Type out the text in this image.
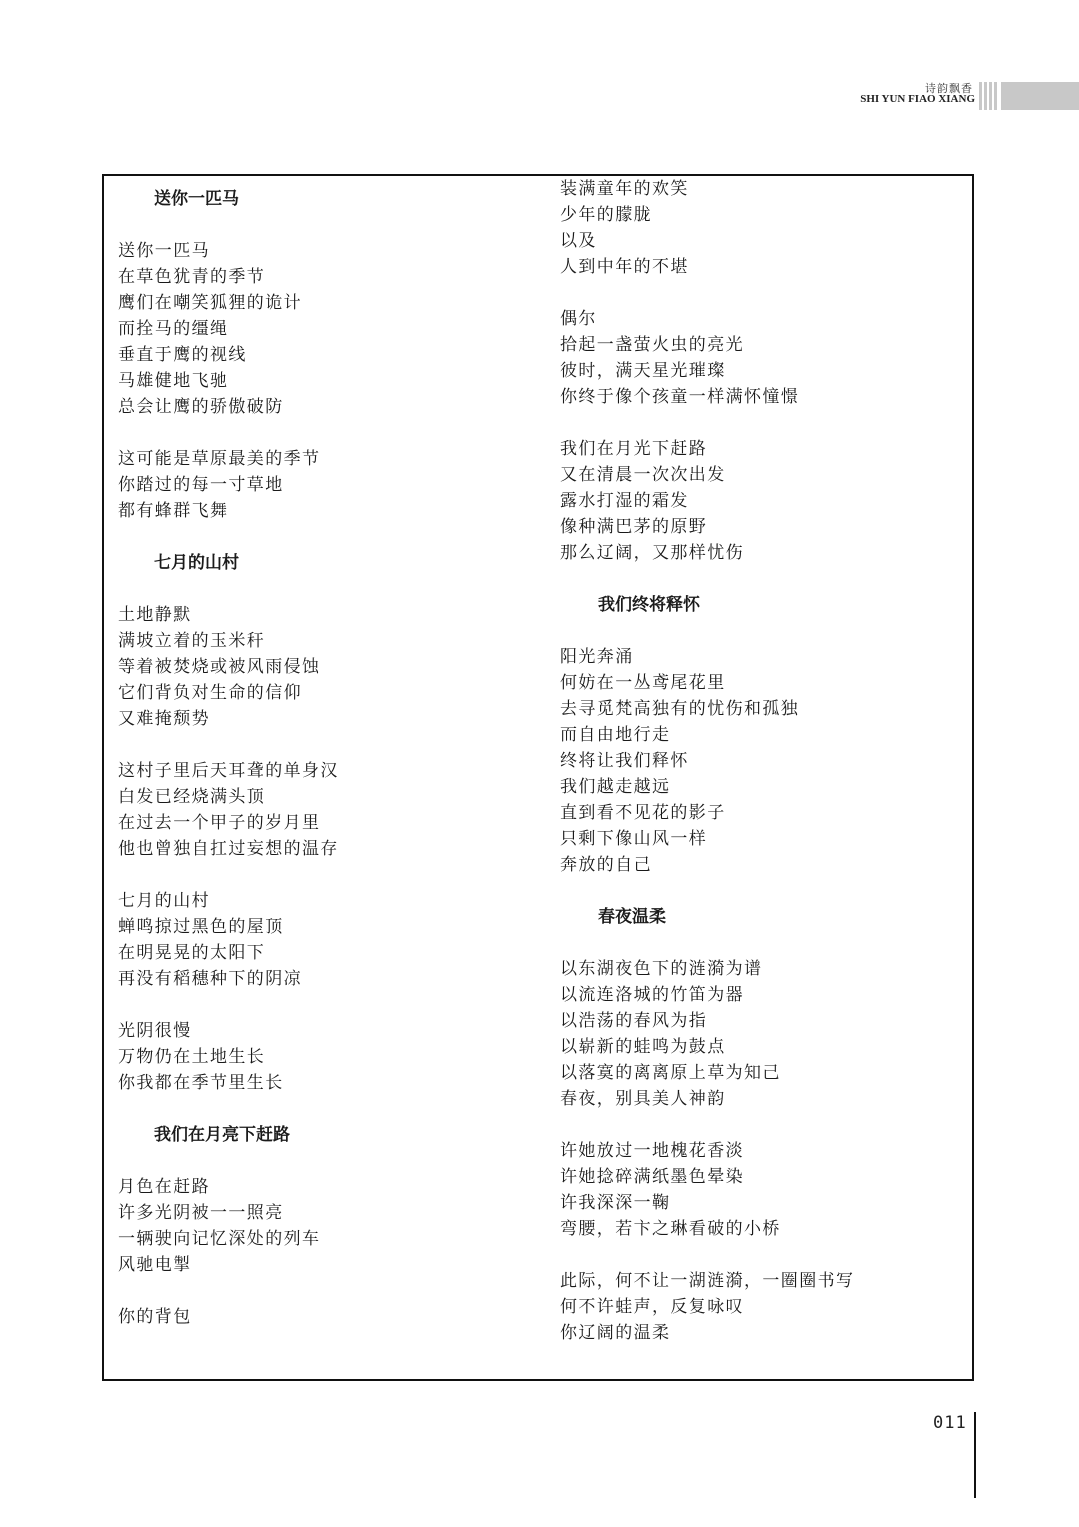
诗韵飘香
SHI YUN FIAO XIANG
送你一匹马
送你一匹马
在草色犹青的季节
鹰们在嘲笑狐狸的诡计
而拴马的缰绳
垂直于鹰的视线
马雄健地飞驰
总会让鹰的骄傲破防
这可能是草原最美的季节
你踏过的每一寸草地
都有蜂群飞舞
七月的山村
土地静默
满坡立着的玉米秆
等着被焚烧或被风雨侵蚀
它们背负对生命的信仰
又难掩颓势
这村子里后天耳聋的单身汉
白发已经烧满头顶
在过去一个甲子的岁月里
他也曾独自扛过妄想的温存
七月的山村
蝉鸣掠过黑色的屋顶
在明晃晃的太阳下
再没有稻穗种下的阴凉
光阴很慢
万物仍在土地生长
你我都在季节里生长
我们在月亮下赶路
月色在赶路
许多光阴被一一照亮
一辆驶向记忆深处的列车
风驰电掣
你的背包
装满童年的欢笑
少年的朦胧
以及
人到中年的不堪
偶尔
拾起一盏萤火虫的亮光
彼时，满天星光璀璨
你终于像个孩童一样满怀憧憬
我们在月光下赶路
又在清晨一次次出发
露水打湿的霜发
像种满巴茅的原野
那么辽阔，又那样忧伤
我们终将释怀
阳光奔涌
何妨在一丛鸢尾花里
去寻觅梵高独有的忧伤和孤独
而自由地行走
终将让我们释怀
我们越走越远
直到看不见花的影子
只剩下像山风一样
奔放的自己
春夜温柔
以东湖夜色下的涟漪为谱
以流连洛城的竹笛为器
以浩荡的春风为指
以崭新的蛙鸣为鼓点
以落寞的离离原上草为知己
春夜，别具美人神韵
许她放过一地槐花香淡
许她捻碎满纸墨色晕染
许我深深一鞠
弯腰，若卞之琳看破的小桥
此际，何不让一湖涟漪，一圈圈书写
何不许蛙声，反复咏叹
你辽阔的温柔
011
